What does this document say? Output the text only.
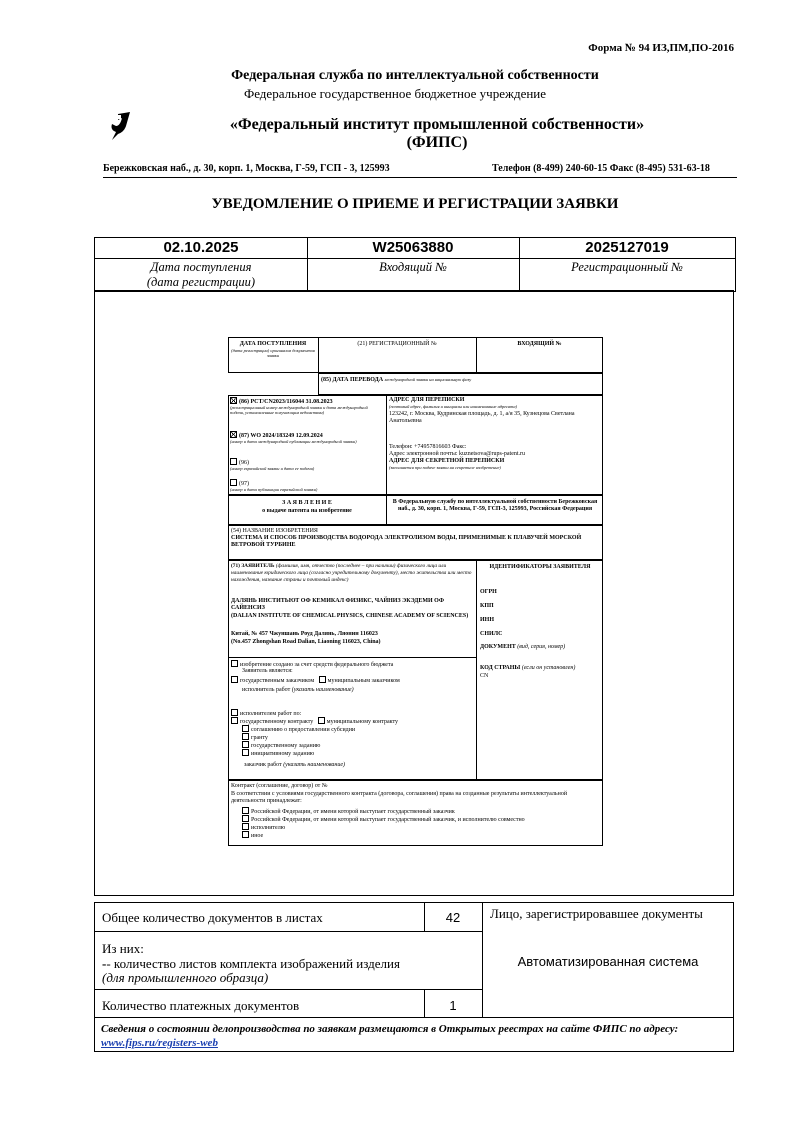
Форма № 94 ИЗ,ПМ,ПО-2016
Федеральная служба по интеллектуальной собственности
Федеральное государственное бюджетное учреждение
«Федеральный институт промышленной собственности»
(ФИПС)
Бережковская наб., д. 30, корп. 1, Москва, Г-59, ГСП - 3, 125993	Телефон (8-499) 240-60-15 Факс (8-495) 531-63-18
УВЕДОМЛЕНИЕ О ПРИЕМЕ И РЕГИСТРАЦИИ ЗАЯВКИ
02.10.2025	W25063880	2025127019
Дата поступления
(дата регистрации)
Входящий №	Регистрационный №
ДАТА ПОСТУПЛЕНИЯ
(дата регистрации) оригиналов документов заявки
(21) РЕГИСТРАЦИОННЫЙ №	ВХОДЯЩИЙ №
(85) ДАТА ПЕРЕВОДА международной заявки на национальную фазу
(86) PCT/CN2023/116044 31.08.2023
(регистрационный номер международной заявки и дата международной подачи, установленные получающим ведомством)
(87) WO 2024/183249 12.09.2024
(номер и дата международной публикации международной заявки)
(96)
(номер евразийской заявки и дата ее подачи)
(97)
(номер и дата публикации евразийской заявки)
АДРЕС ДЛЯ ПЕРЕПИСКИ
(почтовый адрес, фамилия и инициалы или наименование адресата)
123242, г. Москва, Кудринская площадь, д. 1, а/я 35, Кузнецова Светлана Анатольевна
Телефон: +74957816603 Факс:
Адрес электронной почты: kuznetsova@rups-patent.ru
АДРЕС ДЛЯ СЕКРЕТНОЙ ПЕРЕПИСКИ
(заполняется при подаче заявки на секретное изобретение)
З А Я В Л Е Н И Е
о выдаче патента на изобретение
В Федеральную службу по интеллектуальной собственности Бережковская наб., д. 30, корп. 1, Москва, Г-59, ГСП-3, 125993, Российская Федерация
(54) НАЗВАНИЕ ИЗОБРЕТЕНИЯ
СИСТЕМА И СПОСОБ ПРОИЗВОДСТВА ВОДОРОДА ЭЛЕКТРОЛИЗОМ ВОДЫ, ПРИМЕНИМЫЕ К ПЛАВУЧЕЙ МОРСКОЙ ВЕТРОВОЙ ТУРБИНЕ
(71) ЗАЯВИТЕЛЬ (фамилия, имя, отчество (последнее – при наличии) физического лица или наименование юридического лица (согласно учредительному документу), место жительства или место нахождения, название страны и почтовый индекс)
ДАЛЯНЬ ИНСТИТЬЮТ ОФ КЕМИКАЛ ФИЗИКС, ЧАЙНИЗ ЭКЭДЕМИ ОФ САЙЕНСИЗ
(DALIAN INSTITUTE OF CHEMICAL PHYSICS, CHINESE ACADEMY OF SCIENCES)
Китай, № 457 Чжуншань Роуд Далянь, Ляонин 116023
(No.457 Zhongshan Road Dalian, Liaoning 116023, China)
ИДЕНТИФИКАТОРЫ ЗАЯВИТЕЛЯ
ОГРН
КПП
ИНН
СНИЛС
ДОКУМЕНТ (вид, серия, номер)
КОД СТРАНЫ (если он установлен)
CN
изобретение создано за счет средств федерального бюджета
Заявитель является:
государственным заказчиком муниципальным заказчиком
исполнитель работ (указать наименование)
исполнителем работ по:
государственному контракту муниципальному контракту
соглашению о предоставлении субсидии
гранту
государственному заданию
инициативному заданию
заказчик работ (указать наименование)
Контракт (соглашение, договор) от №
В соответствии с условиями государственного контракта (договора, соглашения) права на созданные результаты интеллектуальной деятельности принадлежат:
Российской Федерации, от имени которой выступает государственный заказчик
Российской Федерации, от имени которой выступает государственный заказчик, и исполнителю совместно
исполнителю
иное
Общее количество документов в листах	42	Лицо, зарегистрировавшее документы
Из них:
-- количество листов комплекта изображений изделия
(для промышленного образца)
Автоматизированная система
Количество платежных документов	1
Сведения о состоянии делопроизводства по заявкам размещаются в Открытых реестрах на сайте ФИПС по адресу: www.fips.ru/registers-web
